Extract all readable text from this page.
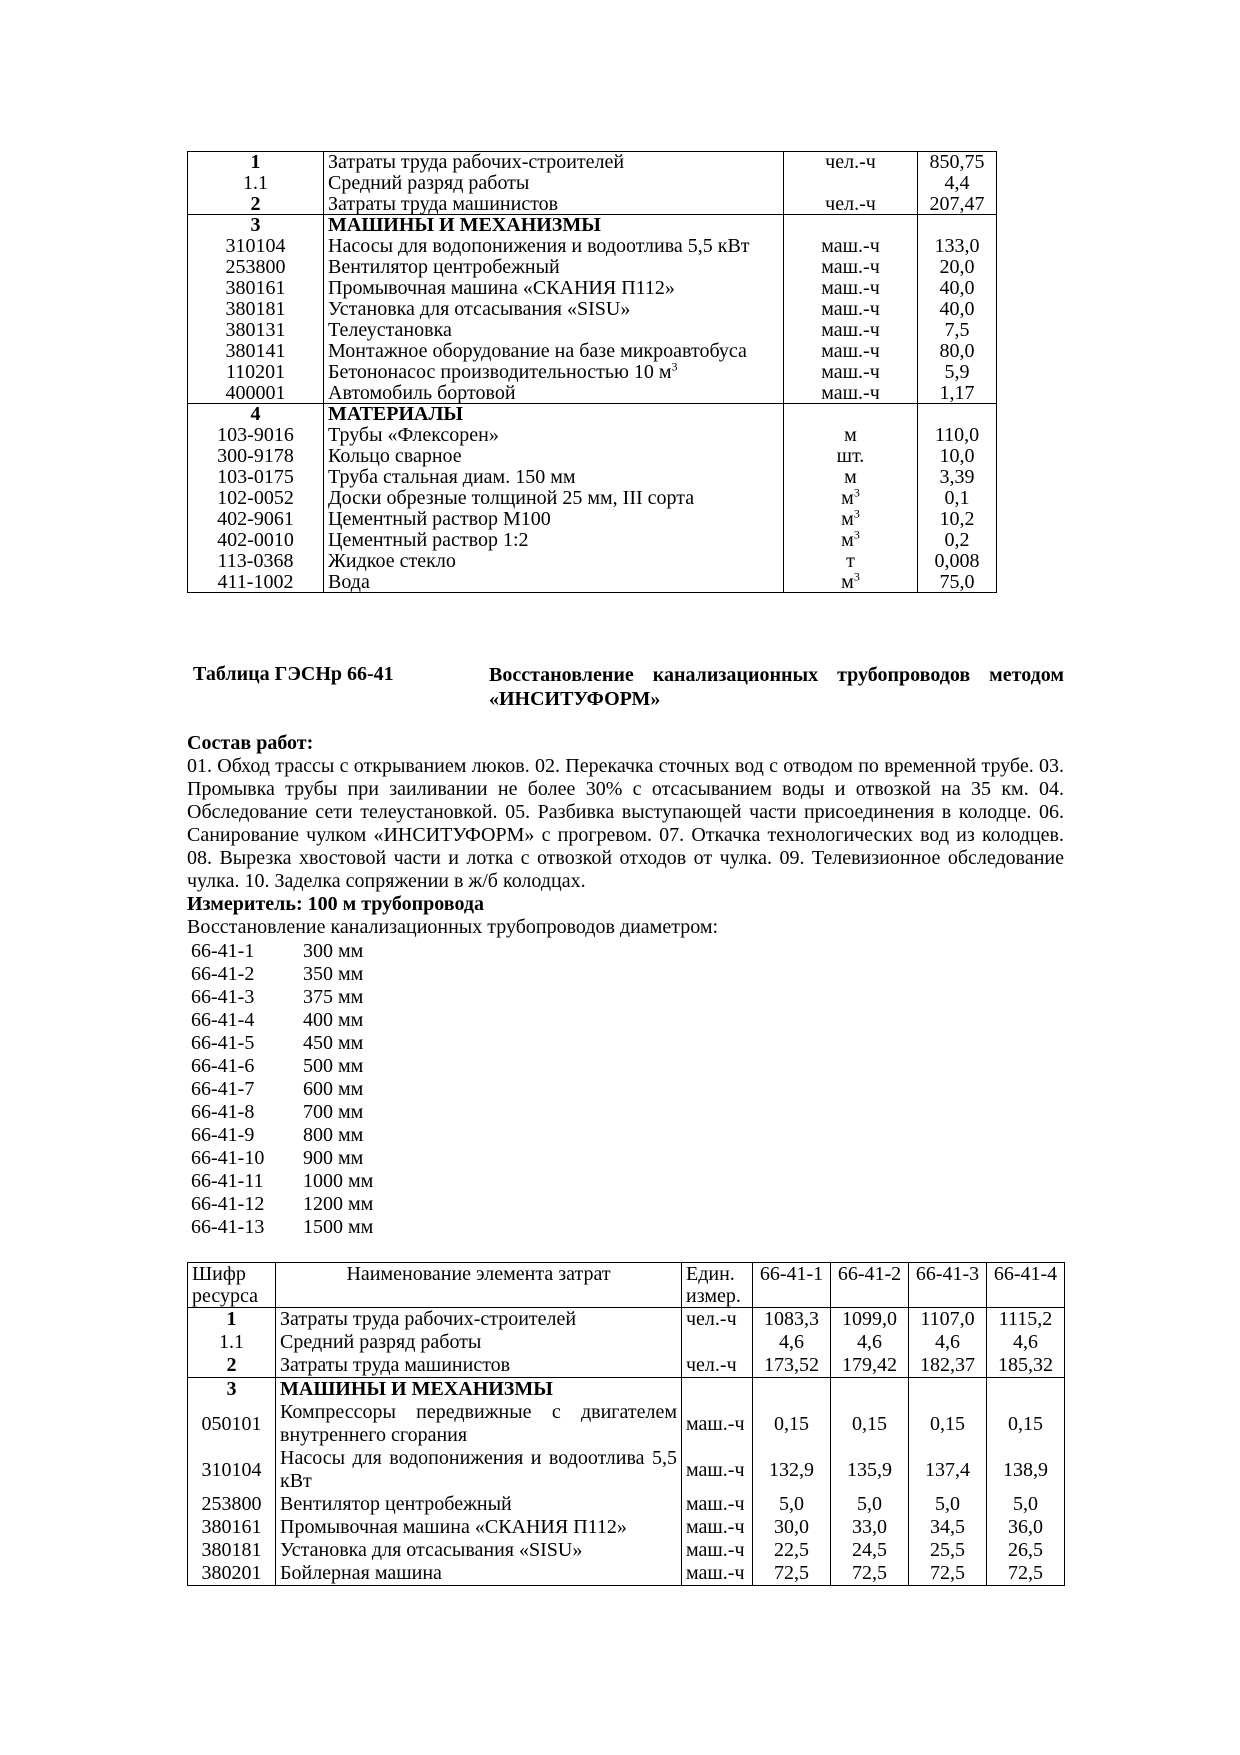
1	Затраты труда рабочих-строителей	чел.-ч	850,75
1.1	Средний разряд работы		4,4
2	Затраты труда машинистов	чел.-ч	207,47
3	МАШИНЫ И МЕХАНИЗМЫ		
310104	Насосы для водопонижения и водоотлива 5,5 кВт	маш.-ч	133,0
253800	Вентилятор центробежный	маш.-ч	20,0
380161	Промывочная машина «СКАНИЯ П112»	маш.-ч	40,0
380181	Установка для отсасывания «SISU»	маш.-ч	40,0
380131	Телеустановка	маш.-ч	7,5
380141	Монтажное оборудование на базе микроавтобуса	маш.-ч	80,0
110201	Бетононасос производительностью 10 $м^3$	маш.-ч	5,9
400001	Автомобиль бортовой	маш.-ч	1,17
4	МАТЕРИАЛЫ		
103-9016	Трубы «Флексорен»	м	110,0
300-9178	Кольцо сварное	шт.	10,0
103-0175	Труба стальная диам. 150 мм	м	3,39
102-0052	Доски обрезные толщиной 25 мм, III сорта	$м^3$	0,1
402-9061	Цементный раствор М100	$м^3$	10,2
402-0010	Цементный раствор 1:2	$м^3$	0,2
113-0368	Жидкое стекло	т	0,008
411-1002	Вода	$м^3$	75,0
Таблица ГЭСНр 66-41	Восстановление канализационных трубопроводов методом «ИНСИТУФОРМ»

Состав работ:

01. Обход трассы с открыванием люков. 02. Перекачка сточных вод с отводом по временной трубе. 03. Промывка трубы при заиливании не более 30% с отсасыванием воды и отвозкой на 35 км. 04. Обследование сети телеустановкой. 05. Разбивка выступающей части присоединения в колодце. 06. Санирование чулком «ИНСИТУФОРМ» с прогревом. 07. Откачка технологических вод из колодцев. 08. Вырезка хвостовой части и лотка с отвозкой отходов от чулка. 09. Телевизионное обследование чулка. 10. Заделка сопряжении в ж/б колодцах.

Измеритель: 100 м трубопровода

Восстановление канализационных трубопроводов диаметром:

66-41-1	300 мм
66-41-2	350 мм
66-41-3	375 мм
66-41-4	400 мм
66-41-5	450 мм
66-41-6	500 мм
66-41-7	600 мм
66-41-8	700 мм
66-41-9	800 мм
66-41-10	900 мм
66-41-11	1000 мм
66-41-12	1200 мм
66-41-13	1500 мм
Шифр ресурса	Наименование элемента затрат	Един. измер.	66-41-1	66-41-2	66-41-3	66-41-4
1	Затраты труда рабочих-строителей	чел.-ч	1083,3	1099,0	1107,0	1115,2
1.1	Средний разряд работы		4,6	4,6	4,6	4,6
2	Затраты труда машинистов	чел.-ч	173,52	179,42	182,37	185,32
3	МАШИНЫ И МЕХАНИЗМЫ					
050101	Компрессоры передвижные с двигателем внутреннего сгорания	маш.-ч	0,15	0,15	0,15	0,15
310104	Насосы для водопонижения и водоотлива 5,5 кВт	маш.-ч	132,9	135,9	137,4	138,9
253800	Вентилятор центробежный	маш.-ч	5,0	5,0	5,0	5,0
380161	Промывочная машина «СКАНИЯ П112»	маш.-ч	30,0	33,0	34,5	36,0
380181	Установка для отсасывания «SISU»	маш.-ч	22,5	24,5	25,5	26,5
380201	Бойлерная машина	маш.-ч	72,5	72,5	72,5	72,5
